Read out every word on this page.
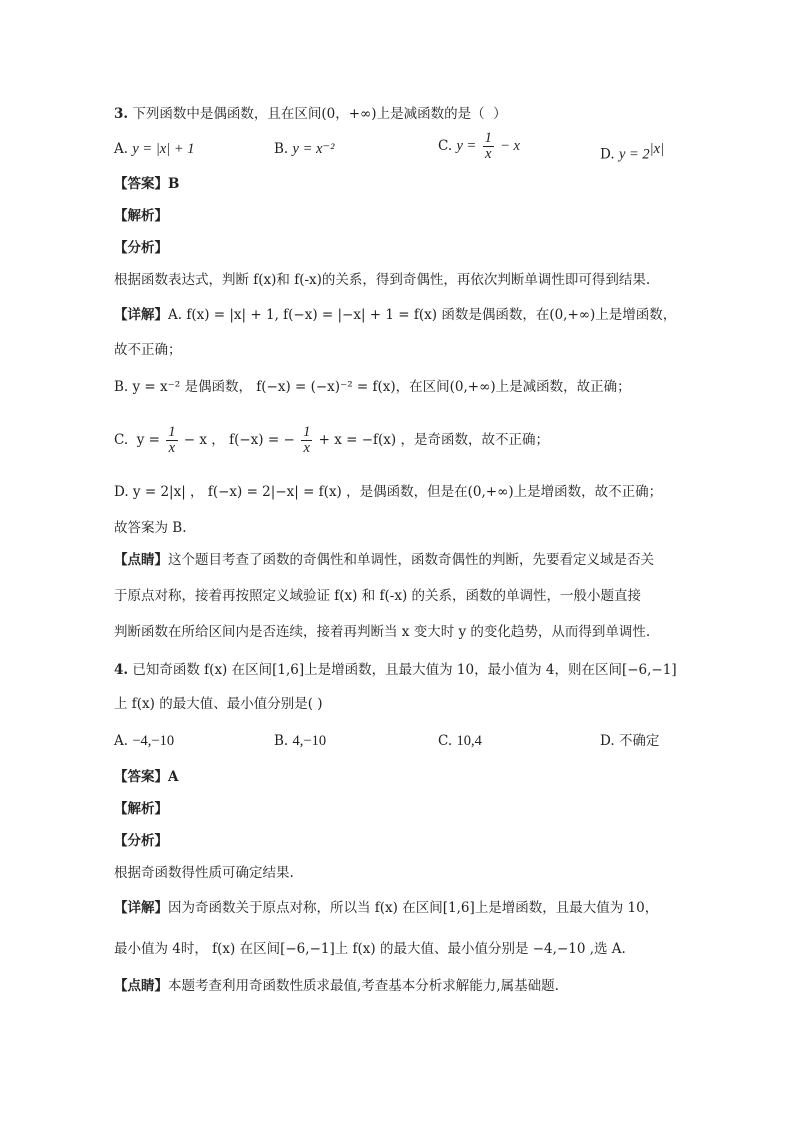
3. 下列函数中是偶函数，且在区间(0，+∞)上是减函数的是（  ）
A. y = |x| + 1	B. y = x⁻²	C. $y = \frac{1}{x} - x$
D. $y = 2^{|x|}$
【答案】B
【解析】
【分析】
根据函数表达式，判断 f(x)和 f(-x)的关系，得到奇偶性，再依次判断单调性即可得到结果.
【详解】A. f(x) = |x| + 1, f(−x) = |−x| + 1 = f(x) 函数是偶函数，在(0,+∞)上是增函数，
故不正确；
B. y = x⁻² 是偶函数， f(−x) = (−x)⁻² = f(x)，在区间(0,+∞)上是减函数，故正确；
C.  $y = \frac{1}{x} - x$ ， f(−x) = − $\frac{1}{x} + x = -f(x)$ ，是奇函数，故不正确；
D. y = 2|x| ， f(−x) = 2|−x| = f(x) ，是偶函数，但是在(0,+∞)上是增函数，故不正确；
故答案为 B.
【点睛】这个题目考查了函数的奇偶性和单调性，函数奇偶性的判断，先要看定义域是否关
于原点对称，接着再按照定义域验证 f(x) 和 f(-x) 的关系，函数的单调性，一般小题直接
判断函数在所给区间内是否连续，接着再判断当 x 变大时 y 的变化趋势，从而得到单调性.
4. 已知奇函数 f(x) 在区间[1,6]上是增函数，且最大值为 10，最小值为 4，则在区间[−6,−1]
上 f(x) 的最大值、最小值分别是( )
A. −4,−10	B. 4,−10	C. 10,4	D. 不确定
【答案】A
【解析】
【分析】
根据奇函数得性质可确定结果.
【详解】因为奇函数关于原点对称，所以当 f(x) 在区间[1,6]上是增函数，且最大值为 10，
最小值为 4时， f(x) 在区间[−6,−1]上 f(x) 的最大值、最小值分别是 −4,−10 ,选 A.
【点睛】本题考查利用奇函数性质求最值,考查基本分析求解能力,属基础题.
